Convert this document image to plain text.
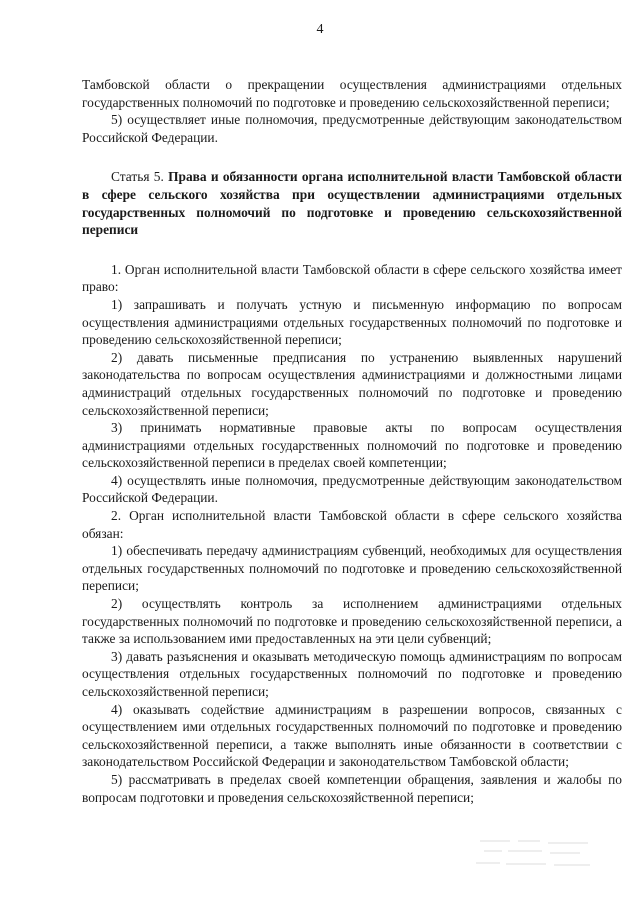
4

Тамбовской области о прекращении осуществления администрациями отдельных государственных полномочий по подготовке и проведению сельскохозяйственной переписи;

5) осуществляет иные полномочия, предусмотренные действующим законодательством Российской Федерации.

Статья 5. Права и обязанности органа исполнительной власти Тамбовской области в сфере сельского хозяйства при осуществлении администрациями отдельных государственных полномочий по подготовке и проведению сельскохозяйственной переписи

1. Орган исполнительной власти Тамбовской области в сфере сельского хозяйства имеет право:

1) запрашивать и получать устную и письменную информацию по вопросам осуществления администрациями отдельных государственных полномочий по подготовке и проведению сельскохозяйственной переписи;

2) давать письменные предписания по устранению выявленных нарушений законодательства по вопросам осуществления администрациями и должностными лицами администраций отдельных государственных полномочий по подготовке и проведению сельскохозяйственной переписи;

3) принимать нормативные правовые акты по вопросам осуществления администрациями отдельных государственных полномочий по подготовке и проведению сельскохозяйственной переписи в пределах своей компетенции;

4) осуществлять иные полномочия, предусмотренные действующим законодательством Российской Федерации.

2. Орган исполнительной власти Тамбовской области в сфере сельского хозяйства обязан:

1) обеспечивать передачу администрациям субвенций, необходимых для осуществления отдельных государственных полномочий по подготовке и проведению сельскохозяйственной переписи;

2) осуществлять контроль за исполнением администрациями отдельных государственных полномочий по подготовке и проведению сельскохозяйственной переписи, а также за использованием ими предоставленных на эти цели субвенций;

3) давать разъяснения и оказывать методическую помощь администрациям по вопросам осуществления отдельных государственных полномочий по подготовке и проведению сельскохозяйственной переписи;

4) оказывать содействие администрациям в разрешении вопросов, связанных с осуществлением ими отдельных государственных полномочий по подготовке и проведению сельскохозяйственной переписи, а также выполнять иные обязанности в соответствии с законодательством Российской Федерации и законодательством Тамбовской области;

5) рассматривать в пределах своей компетенции обращения, заявления и жалобы по вопросам подготовки и проведения сельскохозяйственной переписи;
